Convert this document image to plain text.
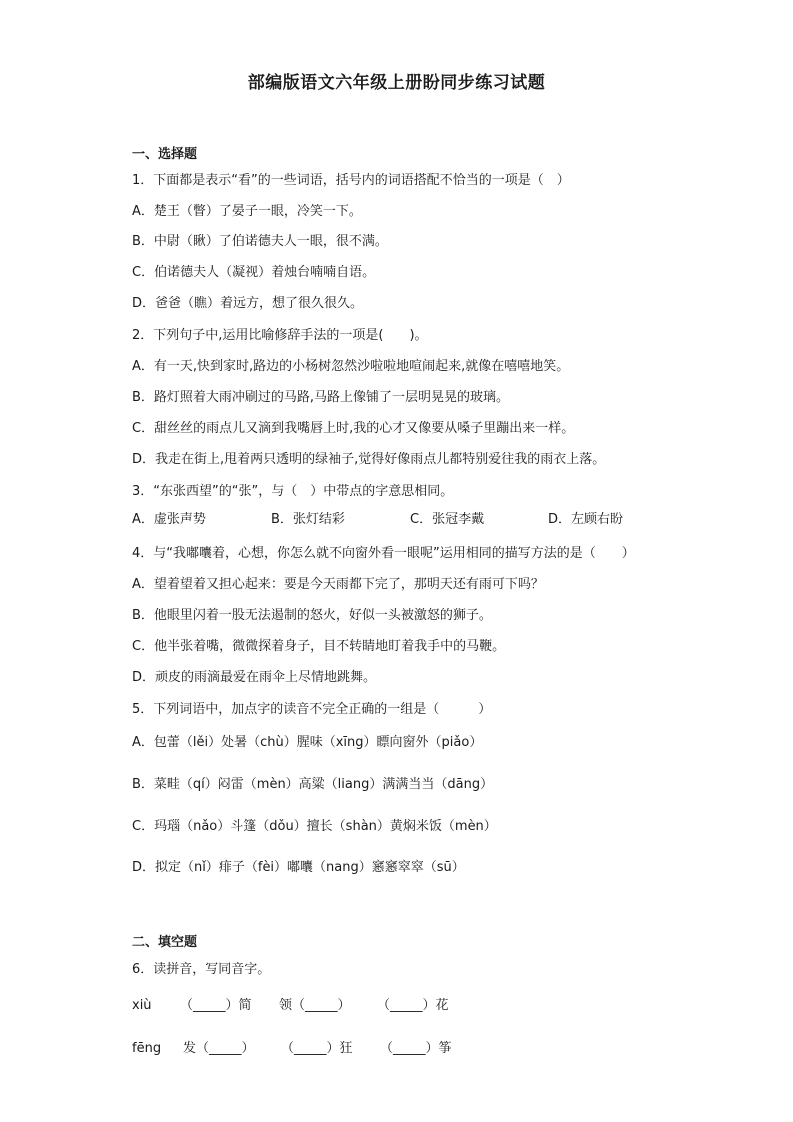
部编版语文六年级上册盼同步练习试题
一、选择题
1．下面都是表示“看”的一些词语，括号内的词语搭配不恰当的一项是（　）
A．楚王（瞥）了晏子一眼，冷笑一下。
B．中尉（瞅）了伯诺德夫人一眼，很不满。
C．伯诺德夫人（凝视）着烛台喃喃自语。
D．爸爸（瞧）着远方，想了很久很久。
2．下列句子中,运用比喻修辞手法的一项是(　　)。
A．有一天,快到家时,路边的小杨树忽然沙啦啦地喧闹起来,就像在嘻嘻地笑。
B．路灯照着大雨冲刷过的马路,马路上像铺了一层明晃晃的玻璃。
C．甜丝丝的雨点儿又滴到我嘴唇上时,我的心才又像要从嗓子里蹦出来一样。
D．我走在街上,甩着两只透明的绿袖子,觉得好像雨点儿都特别爱往我的雨衣上落。
3．“东张西望”的“张”，与（　）中带点的字意思相同。
A．虚张声势	B．张灯结彩	C．张冠李戴	D．左顾右盼
4．与“我嘟囔着，心想，你怎么就不向窗外看一眼呢”运用相同的描写方法的是（　　）
A．望着望着又担心起来：要是今天雨都下完了，那明天还有雨可下吗？
B．他眼里闪着一股无法遏制的怒火，好似一头被激怒的狮子。
C．他半张着嘴，微微探着身子，目不转睛地盯着我手中的马鞭。
D．顽皮的雨滴最爱在雨伞上尽情地跳舞。
5．下列词语中，加点字的读音不完全正确的一组是（　　　）
A．包蕾（lěi）处暑（chù）腥味（xīng）瞟向窗外（piǎo）
B．菜畦（qí）闷雷（mèn）高粱（liang）满满当当（dāng）
C．玛瑙（nǎo）斗篷（dǒu）擅长（shàn）黄焖米饭（mèn）
D．拟定（nǐ）痱子（fèi）嘟囔（nang）窸窸窣窣（sū）
二、填空题
6．读拼音，写同音字。
xiù （_____）简 领（_____） （_____）花
fēng 发（_____） （_____）狂 （_____）筝
